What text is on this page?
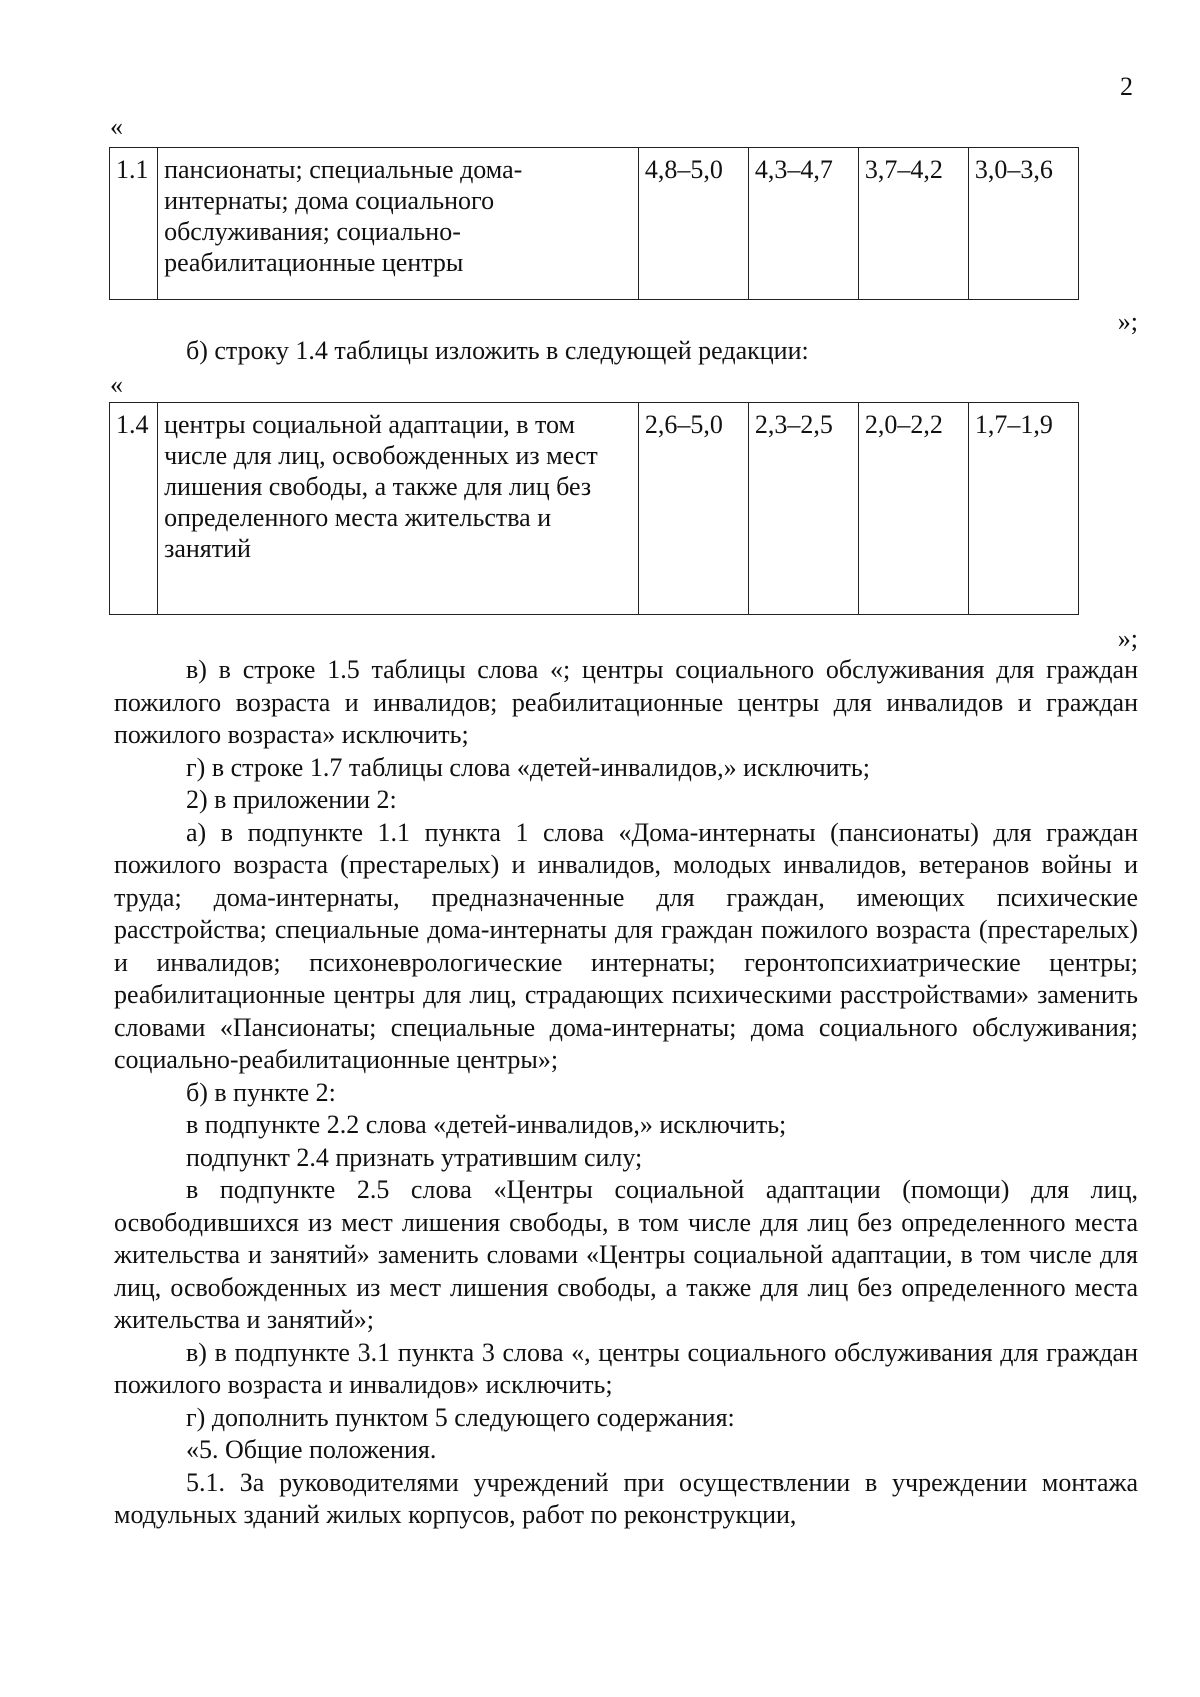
2
«
1.1	пансионаты; специальные дома-интернаты; дома социального обслуживания; социально-реабилитационные центры	4,8–5,0	4,3–4,7	3,7–4,2	3,0–3,6
»;
б) строку 1.4 таблицы изложить в следующей редакции:
«
1.4	центры социальной адаптации, в том числе для лиц, освобожденных из мест лишения свободы, а также для лиц без определенного места жительства и занятий	2,6–5,0	2,3–2,5	2,0–2,2	1,7–1,9
»;

в) в строке 1.5 таблицы слова «; центры социального обслуживания для граждан пожилого возраста и инвалидов; реабилитационные центры для инвалидов и граждан пожилого возраста» исключить;

г) в строке 1.7 таблицы слова «детей-инвалидов,» исключить;

2) в приложении 2:

а) в подпункте 1.1 пункта 1 слова «Дома-интернаты (пансионаты) для граждан пожилого возраста (престарелых) и инвалидов, молодых инвалидов, ветеранов войны и труда; дома-интернаты, предназначенные для граждан, имеющих психические расстройства; специальные дома-интернаты для граждан пожилого возраста (престарелых) и инвалидов; психоневрологические интернаты; геронтопсихиатрические центры; реабилитационные центры для лиц, страдающих психическими расстройствами» заменить словами «Пансионаты; специальные дома-интернаты; дома социального обслуживания; социально-реабилитационные центры»;

б) в пункте 2:

в подпункте 2.2 слова «детей-инвалидов,» исключить;

подпункт 2.4 признать утратившим силу;

в подпункте 2.5 слова «Центры социальной адаптации (помощи) для лиц, освободившихся из мест лишения свободы, в том числе для лиц без определенного места жительства и занятий» заменить словами «Центры социальной адаптации, в том числе для лиц, освобожденных из мест лишения свободы, а также для лиц без определенного места жительства и занятий»;

в) в подпункте 3.1 пункта 3 слова «, центры социального обслуживания для граждан пожилого возраста и инвалидов» исключить;

г) дополнить пунктом 5 следующего содержания:

«5. Общие положения.

5.1. За руководителями учреждений при осуществлении в учреждении монтажа модульных зданий жилых корпусов, работ по реконструкции,
